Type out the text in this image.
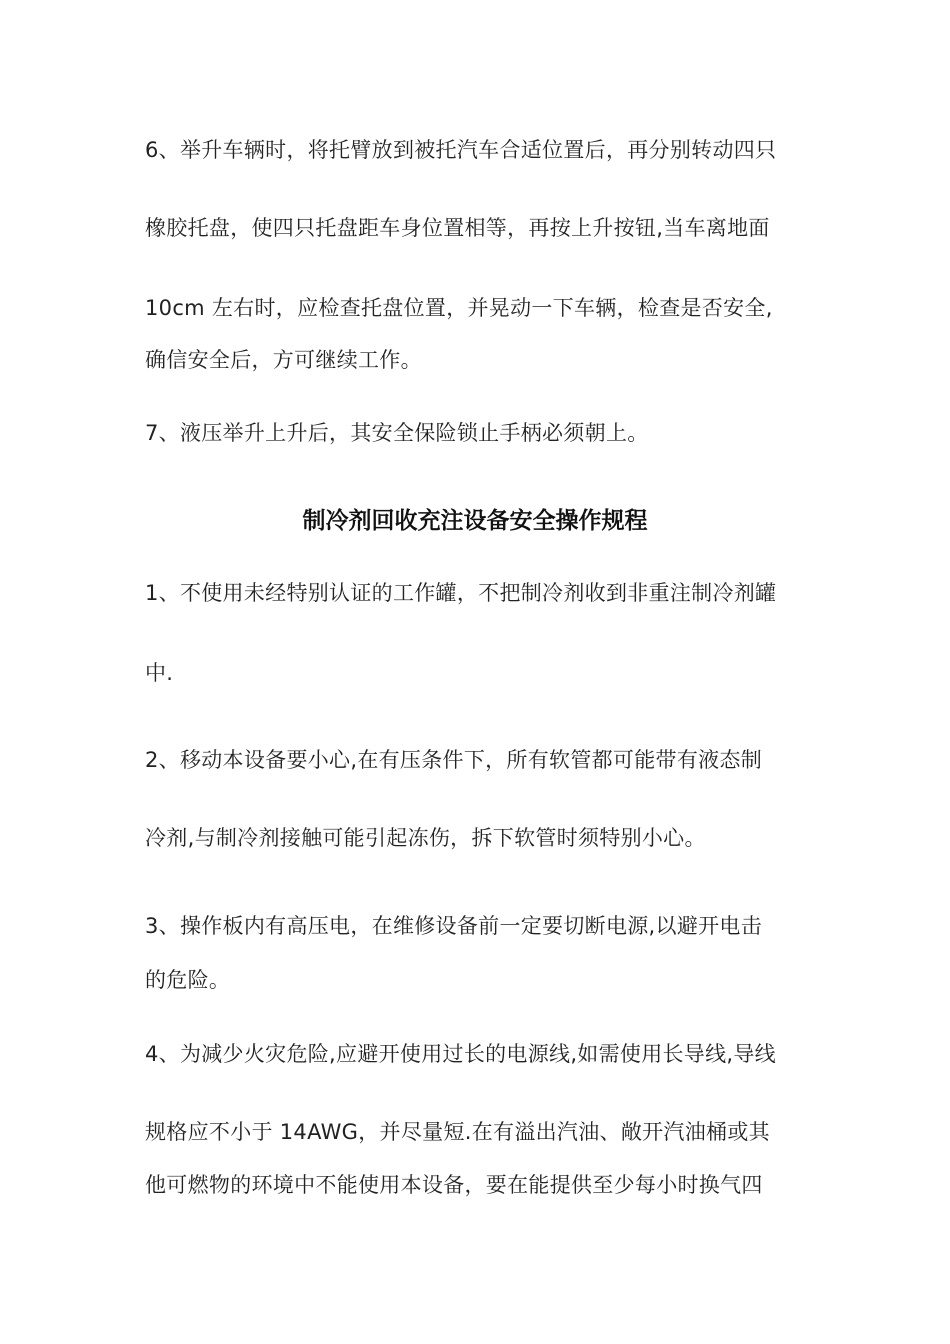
6、举升车辆时，将托臂放到被托汽车合适位置后，再分别转动四只
橡胶托盘，使四只托盘距车身位置相等，再按上升按钮,当车离地面
10cm 左右时，应检查托盘位置，并晃动一下车辆，检查是否安全,
确信安全后，方可继续工作。
7、液压举升上升后，其安全保险锁止手柄必须朝上。
制冷剂回收充注设备安全操作规程
1、不使用未经特别认证的工作罐，不把制冷剂收到非重注制冷剂罐
中.
2、移动本设备要小心,在有压条件下，所有软管都可能带有液态制
冷剂,与制冷剂接触可能引起冻伤，拆下软管时须特别小心。
3、操作板内有高压电，在维修设备前一定要切断电源,以避开电击
的危险。
4、为减少火灾危险,应避开使用过长的电源线,如需使用长导线,导线
规格应不小于 14AWG，并尽量短.在有溢出汽油、敞开汽油桶或其
他可燃物的环境中不能使用本设备，要在能提供至少每小时换气四
